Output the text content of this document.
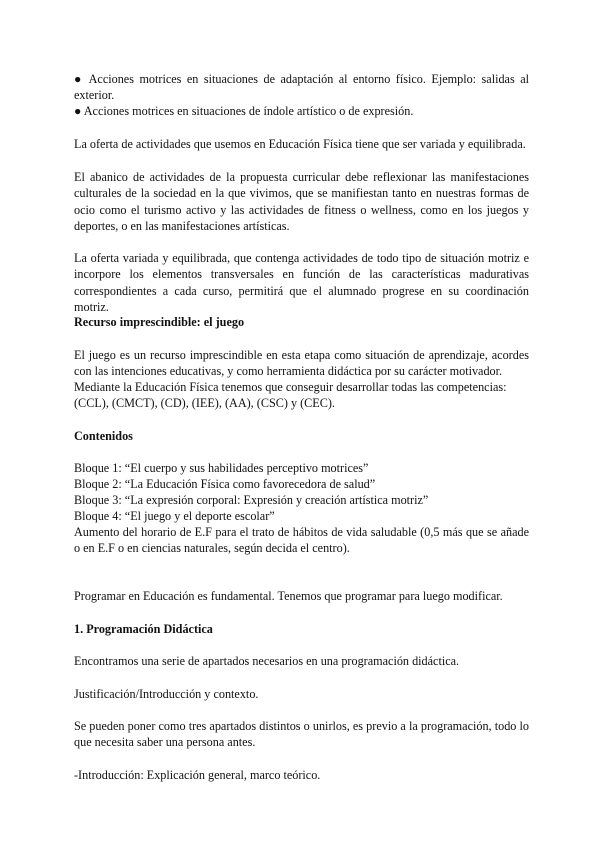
● Acciones motrices en situaciones de adaptación al entorno físico. Ejemplo: salidas al exterior.

● Acciones motrices en situaciones de índole artístico o de expresión.

La oferta de actividades que usemos en Educación Física tiene que ser variada y equilibrada.

El abanico de actividades de la propuesta curricular debe reflexionar las manifestaciones culturales de la sociedad en la que vivimos, que se manifiestan tanto en nuestras formas de ocio como el turismo activo y las actividades de fitness o wellness, como en los juegos y deportes, o en las manifestaciones artísticas.

La oferta variada y equilibrada, que contenga actividades de todo tipo de situación motriz e incorpore los elementos transversales en función de las características madurativas correspondientes a cada curso, permitirá que el alumnado progrese en su coordinación motriz.

Recurso imprescindible: el juego

El juego es un recurso imprescindible en esta etapa como situación de aprendizaje, acordes con las intenciones educativas, y como herramienta didáctica por su carácter motivador.

Mediante la Educación Física tenemos que conseguir desarrollar todas las competencias:

(CCL), (CMCT), (CD), (IEE), (AA), (CSC) y (CEC).

Contenidos

Bloque 1: “El cuerpo y sus habilidades perceptivo motrices”

Bloque 2: “La Educación Física como favorecedora de salud”

Bloque 3: “La expresión corporal: Expresión y creación artística motriz”

Bloque 4: “El juego y el deporte escolar”

Aumento del horario de E.F para el trato de hábitos de vida saludable (0,5 más que se añade o en E.F o en ciencias naturales, según decida el centro).

Programar en Educación es fundamental. Tenemos que programar para luego modificar.

1. Programación Didáctica

Encontramos una serie de apartados necesarios en una programación didáctica.

Justificación/Introducción y contexto.

Se pueden poner como tres apartados distintos o unirlos, es previo a la programación, todo lo que necesita saber una persona antes.

-Introducción: Explicación general, marco teórico.
